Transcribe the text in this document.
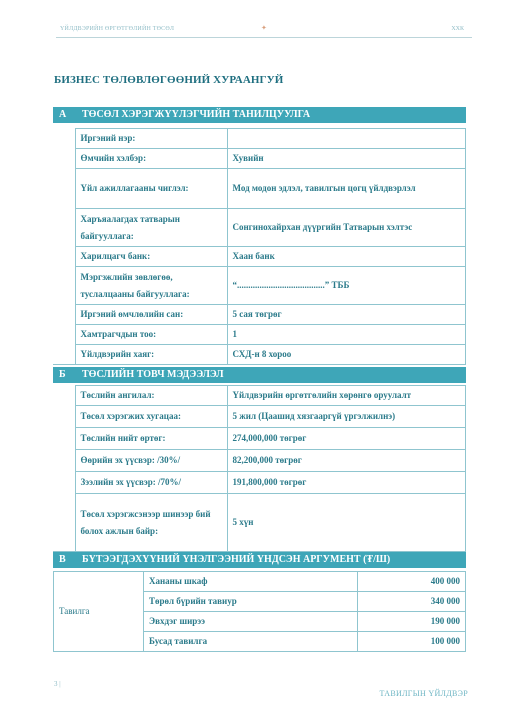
ҮЙЛДВЭРИЙН ӨРГӨТГӨЛИЙН ТӨСӨЛ	✦	ХХК
БИЗНЕС ТӨЛӨВЛӨГӨӨНИЙ ХУРААНГУЙ
А ТӨСӨЛ ХЭРЭГЖҮҮЛЭГЧИЙН ТАНИЛЦУУЛГА
	Иргэний нэр:	
	Өмчийн хэлбэр:	Хувийн
	Үйл ажиллагааны чиглэл:	Мод модон эдлэл, тавилгын цогц үйлдвэрлэл
	Харъяалагдах татварын байгууллага:	Сонгинохайрхан дүүргийн Татварын хэлтэс
	Харилцагч банк:	Хаан банк
	Мэргэжлийн зөвлөгөө, туслалцааны байгууллага:	“.......................................” ТББ
	Иргэний өмчлөлийн сан:	5 сая төгрөг
	Хамтрагчдын тоо:	1
	Үйлдвэрийн хаяг:	СХД-н 8 хороо
Б ТӨСЛИЙН ТОВЧ МЭДЭЭЛЭЛ
	Төслийн ангилал:	Үйлдвэрийн өргөтгөлийн хөрөнгө оруулалт
	Төсөл хэрэгжих хугацаа:	5 жил (Цаашид хязгааргүй үргэлжилнэ)
	Төслийн нийт өртөг:	274,000,000 төгрөг
	Өөрийн эх үүсвэр: /30%/	82,200,000 төгрөг
	Зээлийн эх үүсвэр: /70%/	191,800,000 төгрөг
	Төсөл хэрэгжсэнээр шинээр бий болох ажлын байр:	5 хүн
В БҮТЭЭГДЭХҮҮНИЙ ҮНЭЛГЭЭНИЙ ҮНДСЭН АРГУМЕНТ (₮/Ш)
Тавилга	Хананы шкаф	400 000
	Төрөл бүрийн тавиур	340 000
	Эвхдэг ширээ	190 000
	Бусад тавилга	100 000
3 |
ТАВИЛГЫН ҮЙЛДВЭР
